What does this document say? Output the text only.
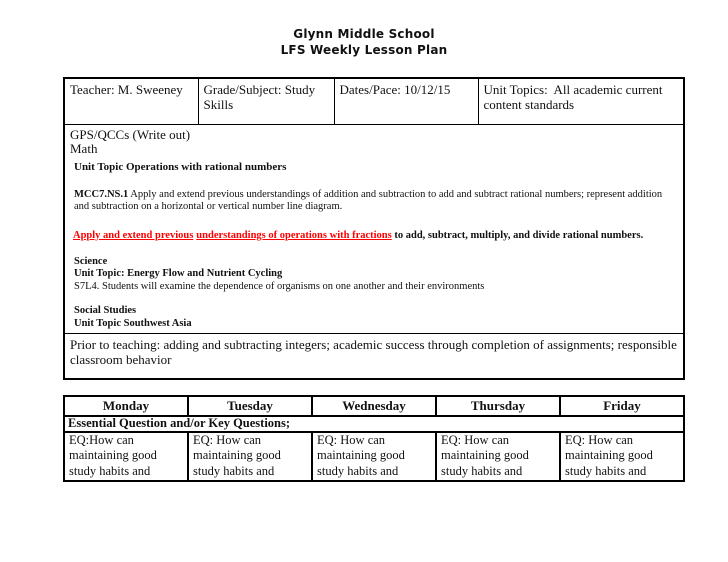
Glynn Middle School
LFS Weekly Lesson Plan
Teacher: M. Sweeney	Grade/Subject: Study Skills	Dates/Pace: 10/12/15	Unit Topics:  All academic current content standards

GPS/QCCs (Write out)
Math
Unit Topic Operations with rational numbers
MCC7.NS.1 Apply and extend previous understandings of addition and subtraction to add and subtract rational numbers; represent addition and subtraction on a horizontal or vertical number line diagram.
Apply and extend previous understandings of operations with fractions to add, subtract, multiply, and divide rational numbers.
Science
Unit Topic: Energy Flow and Nutrient Cycling
S7L4. Students will examine the dependence of organisms on one another and their environments
Social Studies
Unit Topic Southwest Asia

Prior to teaching: adding and subtracting integers; academic success through completion of assignments; responsible classroom behavior
Monday	Tuesday	Wednesday	Thursday	Friday
Essential Question and/or Key Questions;				
EQ:How can maintaining good study habits and	EQ: How can maintaining good study habits and	EQ: How can maintaining good study habits and	EQ: How can maintaining good study habits and	EQ: How can maintaining good study habits and
